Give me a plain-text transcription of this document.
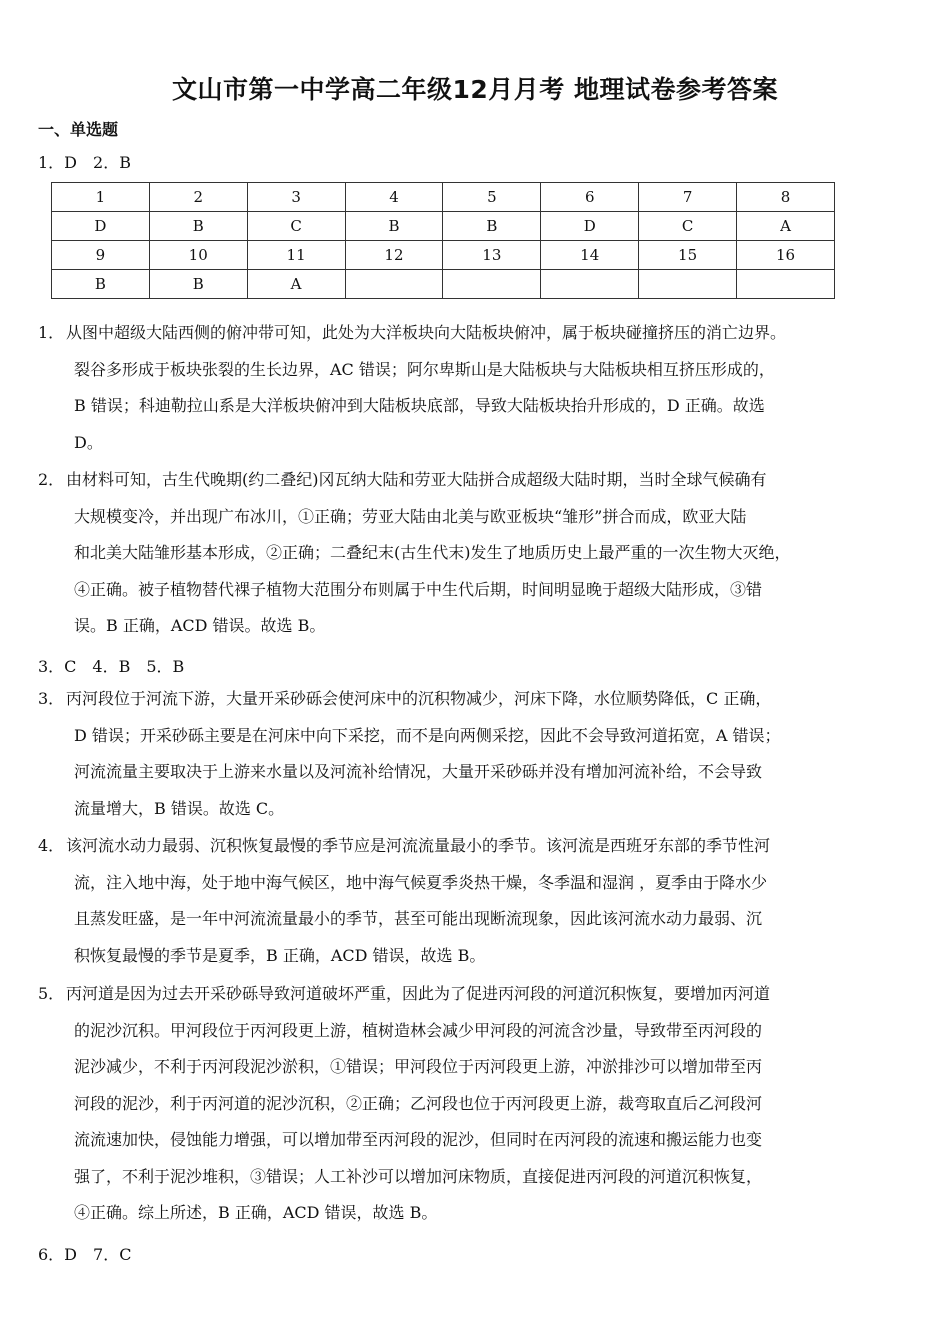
文山市第一中学高二年级12月月考 地理试卷参考答案
一、单选题
1．D　2．B
1	2	3	4	5	6	7	8
D	B	C	B	B	D	C	A
9	10	11	12	13	14	15	16
B	B	A					
1． 从图中超级大陆西侧的俯冲带可知，此处为大洋板块向大陆板块俯冲，属于板块碰撞挤压的消亡边界。
裂谷多形成于板块张裂的生长边界，AC 错误；阿尔卑斯山是大陆板块与大陆板块相互挤压形成的，
B 错误；科迪勒拉山系是大洋板块俯冲到大陆板块底部，导致大陆板块抬升形成的，D 正确。故选
D。
2． 由材料可知，古生代晚期(约二叠纪)冈瓦纳大陆和劳亚大陆拼合成超级大陆时期，当时全球气候确有
大规模变冷，并出现广布冰川，①正确；劳亚大陆由北美与欧亚板块“雏形”拼合而成，欧亚大陆
和北美大陆雏形基本形成，②正确；二叠纪末(古生代末)发生了地质历史上最严重的一次生物大灭绝，
④正确。被子植物替代裸子植物大范围分布则属于中生代后期，时间明显晚于超级大陆形成，③错
误。B 正确，ACD 错误。故选 B。
3．C　4．B　5．B
3． 丙河段位于河流下游，大量开采砂砾会使河床中的沉积物减少，河床下降，水位顺势降低，C 正确，
D 错误；开采砂砾主要是在河床中向下采挖，而不是向两侧采挖，因此不会导致河道拓宽，A 错误；
河流流量主要取决于上游来水量以及河流补给情况，大量开采砂砾并没有增加河流补给，不会导致
流量增大，B 错误。故选 C。
4． 该河流水动力最弱、沉积恢复最慢的季节应是河流流量最小的季节。该河流是西班牙东部的季节性河
流，注入地中海，处于地中海气候区，地中海气候夏季炎热干燥，冬季温和湿润 ，夏季由于降水少
且蒸发旺盛，是一年中河流流量最小的季节，甚至可能出现断流现象，因此该河流水动力最弱、沉
积恢复最慢的季节是夏季，B 正确，ACD 错误，故选 B。
5． 丙河道是因为过去开采砂砾导致河道破坏严重，因此为了促进丙河段的河道沉积恢复，要增加丙河道
的泥沙沉积。甲河段位于丙河段更上游，植树造林会减少甲河段的河流含沙量，导致带至丙河段的
泥沙减少，不利于丙河段泥沙淤积，①错误；甲河段位于丙河段更上游，冲淤排沙可以增加带至丙
河段的泥沙，利于丙河道的泥沙沉积，②正确；乙河段也位于丙河段更上游，裁弯取直后乙河段河
流流速加快，侵蚀能力增强，可以增加带至丙河段的泥沙，但同时在丙河段的流速和搬运能力也变
强了，不利于泥沙堆积，③错误；人工补沙可以增加河床物质，直接促进丙河段的河道沉积恢复，
④正确。综上所述，B 正确，ACD 错误，故选 B。
6．D　7．C
